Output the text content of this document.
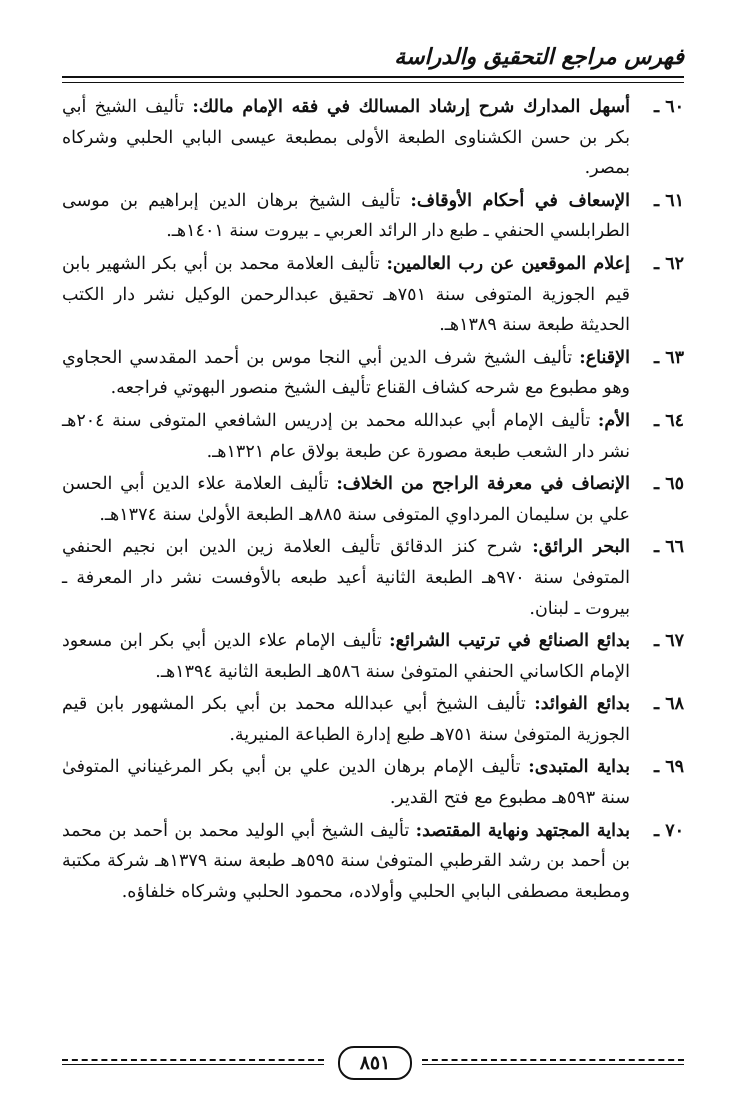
فهرس مراجع التحقيق والدراسة
٦٠ ـ
أسهل المدارك شرح إرشاد المسالك في فقه الإمام مالك: تأليف الشيخ أبي بكر بن حسن الكشناوى الطبعة الأولى بمطبعة عيسى البابي الحلبي وشركاه بمصر.
٦١ ـ
الإسعاف في أحكام الأوقاف: تأليف الشيخ برهان الدين إبراهيم بن موسى الطرابلسي الحنفي ـ طبع دار الرائد العربي ـ بيروت سنة ١٤٠١هـ.
٦٢ ـ
إعلام الموقعين عن رب العالمين: تأليف العلامة محمد بن أبي بكر الشهير بابن قيم الجوزية المتوفى سنة ٧٥١هـ تحقيق عبدالرحمن الوكيل نشر دار الكتب الحديثة طبعة سنة ١٣٨٩هـ.
٦٣ ـ
الإقناع: تأليف الشيخ شرف الدين أبي النجا موس بن أحمد المقدسي الحجاوي وهو مطبوع مع شرحه كشاف القناع تأليف الشيخ منصور البهوتي فراجعه.
٦٤ ـ
الأم: تأليف الإمام أبي عبدالله محمد بن إدريس الشافعي المتوفى سنة ٢٠٤هـ نشر دار الشعب طبعة مصورة عن طبعة بولاق عام ١٣٢١هـ.
٦٥ ـ
الإنصاف في معرفة الراجح من الخلاف: تأليف العلامة علاء الدين أبي الحسن علي بن سليمان المرداوي المتوفى سنة ٨٨٥هـ الطبعة الأولىٰ سنة ١٣٧٤هـ.
٦٦ ـ
البحر الرائق: شرح كنز الدقائق تأليف العلامة زين الدين ابن نجيم الحنفي المتوفىٰ سنة ٩٧٠هـ الطبعة الثانية أعيد طبعه بالأوفست نشر دار المعرفة ـ بيروت ـ لبنان.
٦٧ ـ
بدائع الصنائع في ترتيب الشرائع: تأليف الإمام علاء الدين أبي بكر ابن مسعود الإمام الكاساني الحنفي المتوفىٰ سنة ٥٨٦هـ الطبعة الثانية ١٣٩٤هـ.
٦٨ ـ
بدائع الفوائد: تأليف الشيخ أبي عبدالله محمد بن أبي بكر المشهور بابن قيم الجوزية المتوفىٰ سنة ٧٥١هـ طبع إدارة الطباعة المنيرية.
٦٩ ـ
بداية المتبدى: تأليف الإمام برهان الدين علي بن أبي بكر المرغيناني المتوفىٰ سنة ٥٩٣هـ مطبوع مع فتح القدير.
٧٠ ـ
بداية المجتهد ونهاية المقتصد: تأليف الشيخ أبي الوليد محمد بن أحمد بن محمد بن أحمد بن رشد القرطبي المتوفىٰ سنة ٥٩٥هـ طبعة سنة ١٣٧٩هـ شركة مكتبة ومطبعة مصطفى البابي الحلبي وأولاده، محمود الحلبي وشركاه خلفاؤه.
٨٥١
